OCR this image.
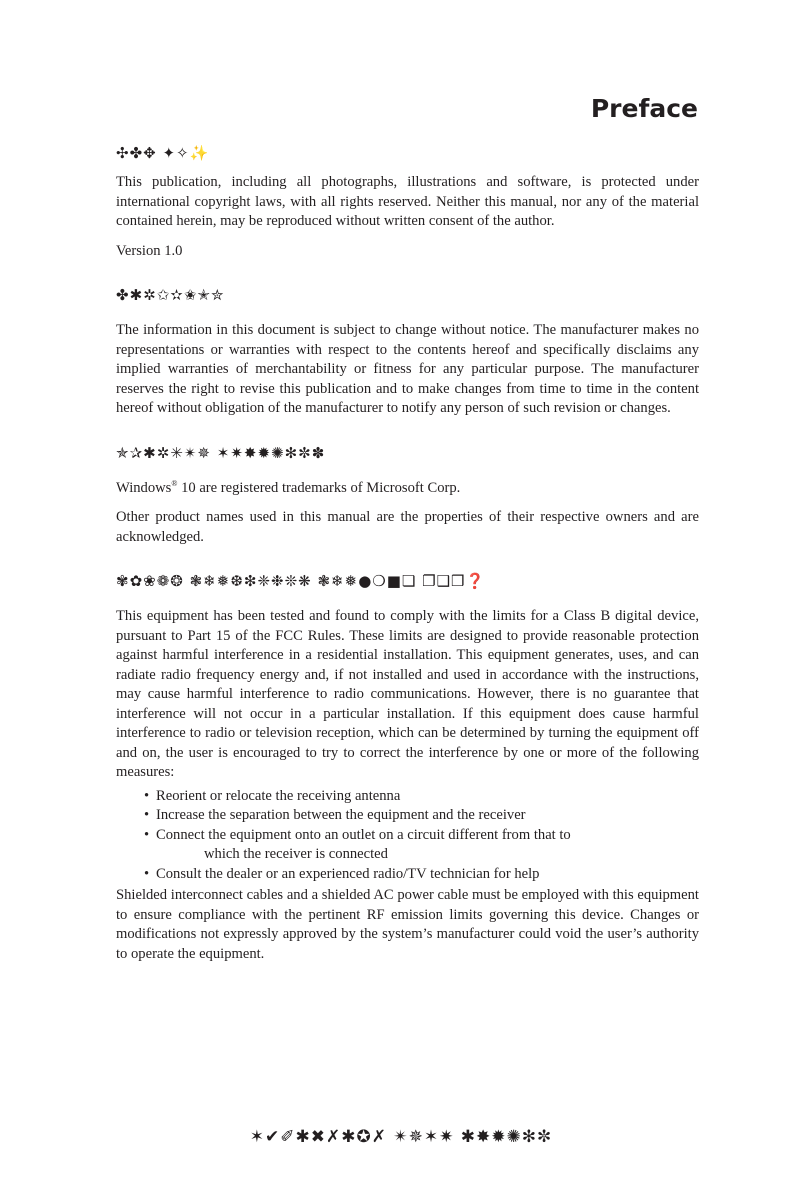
Preface
✣✤✥ ✦✧✨

This publication, including all photographs, illustrations and software, is protected under international copyright laws, with all rights reserved. Neither this manual, nor any of the material contained herein, may be reproduced without written consent of the author.

Version 1.0

✤✱✲✩✫✬✭✮

The information in this document is subject to change without notice. The manufacturer makes no representations or warranties with respect to the contents hereof and specifically disclaims any implied warranties of merchantability or fitness for any particular purpose. The manufacturer reserves the right to revise this publication and to make changes from time to time in the content hereof without obligation of the manufacturer to notify any person of such revision or changes.

✯✰✱✲✳✴✵ ✶✷✸✹✺✻✼✽

Windows® 10 are registered trademarks of Microsoft Corp.

Other product names used in this manual are the properties of their respective owners and are acknowledged.

✾✿❀❁❂ ❃❄❅❆❇❈❉❊❋ ❃❄❅●❍■❏ ❐❑❒❓

This equipment has been tested and found to comply with the limits for a Class B digital device, pursuant to Part 15 of the FCC Rules. These limits are designed to provide reasonable protection against harmful interference in a residential installation. This equipment generates, uses, and can radiate radio frequency energy and, if not installed and used in accordance with the instructions, may cause harmful interference to radio communications. However, there is no guarantee that interference will not occur in a particular installation. If this equipment does cause harmful interference to radio or television reception, which can be determined by turning the equipment off and on, the user is encouraged to try to correct the interference by one or more of the following measures:

• Reorient or relocate the receiving antenna
• Increase the separation between the equipment and the receiver
• Connect the equipment onto an outlet on a circuit different from that to
which the receiver is connected
• Consult the dealer or an experienced radio/TV technician for help

Shielded interconnect cables and a shielded AC power cable must be employed with this equipment to ensure compliance with the pertinent RF emission limits governing this device. Changes or modifications not expressly approved by the system’s manufacturer could void the user’s authority to operate the equipment.

✶✔✐✱✖✗✱✪✗ ✴✵✶✷ ✱✸✹✺✻✼
